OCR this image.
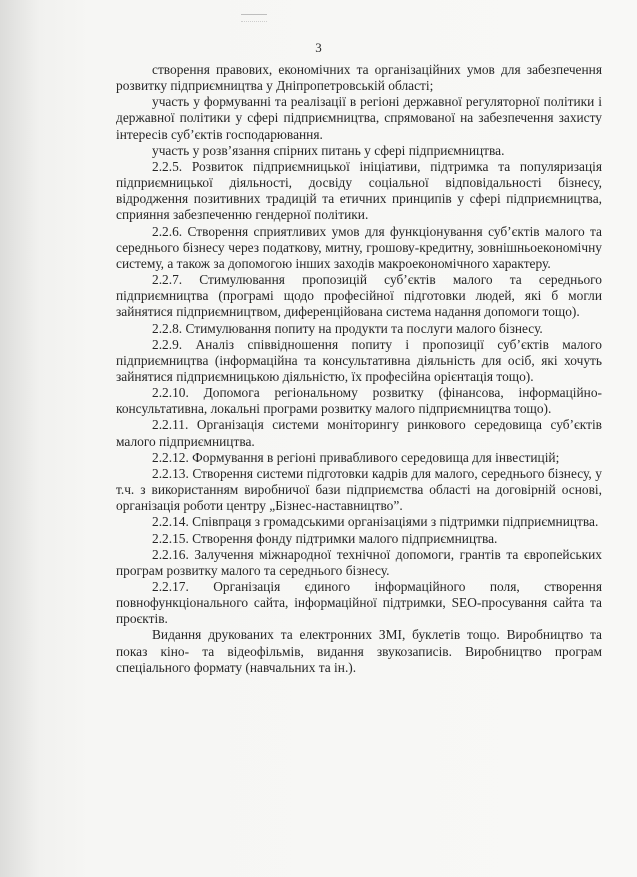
3

створення правових, економічних та організаційних умов для забезпечення розвитку підприємництва у Дніпропетровській області;

участь у формуванні та реалізації в регіоні державної регуляторної політики і державної політики у сфері підприємництва, спрямованої на забезпечення захисту інтересів суб’єктів господарювання.

участь у розв’язання спірних питань у сфері підприємництва.

2.2.5. Розвиток підприємницької ініціативи, підтримка та популяризація підприємницької діяльності, досвіду соціальної відповідальності бізнесу, відродження позитивних традицій та етичних принципів у сфері підприємництва, сприяння забезпеченню гендерної політики.

2.2.6. Створення сприятливих умов для функціонування суб’єктів малого та середнього бізнесу через податкову, митну, грошову-кредитну, зовнішньоекономічну систему, а також за допомогою інших заходів макроекономічного характеру.

2.2.7. Стимулювання пропозицій суб’єктів малого та середнього підприємництва (програмі щодо професійної підготовки людей, які б могли зайнятися підприємництвом, диференційована система надання допомоги тощо).

2.2.8. Стимулювання попиту на продукти та послуги малого бізнесу.

2.2.9. Аналіз співвідношення попиту і пропозиції суб’єктів малого підприємництва (інформаційна та консультативна діяльність для осіб, які хочуть зайнятися підприємницькою діяльністю, їх професійна орієнтація тощо).

2.2.10. Допомога регіональному розвитку (фінансова, інформаційно-консультативна, локальні програми розвитку малого підприємництва тощо).

2.2.11. Організація системи моніторингу ринкового середовища суб’єктів малого підприємництва.

2.2.12. Формування в регіоні привабливого середовища для інвестицій;

2.2.13. Створення системи підготовки кадрів для малого, середнього бізнесу, у т.ч. з використанням виробничої бази підприємства області на договірній основі, організація роботи центру „Бізнес-наставництво”.

2.2.14. Співпраця з громадськими організаціями з підтримки підприємництва.

2.2.15. Створення фонду підтримки малого підприємництва.

2.2.16. Залучення міжнародної технічної допомоги, грантів та європейських програм розвитку малого та середнього бізнесу.

2.2.17. Організація єдиного інформаційного поля, створення повнофункціонального сайта, інформаційної підтримки, SEO-просування сайта та проєктів.

Видання друкованих та електронних ЗМІ, буклетів тощо. Виробництво та показ кіно- та відеофільмів, видання звукозаписів. Виробництво програм спеціального формату (навчальних та ін.).
